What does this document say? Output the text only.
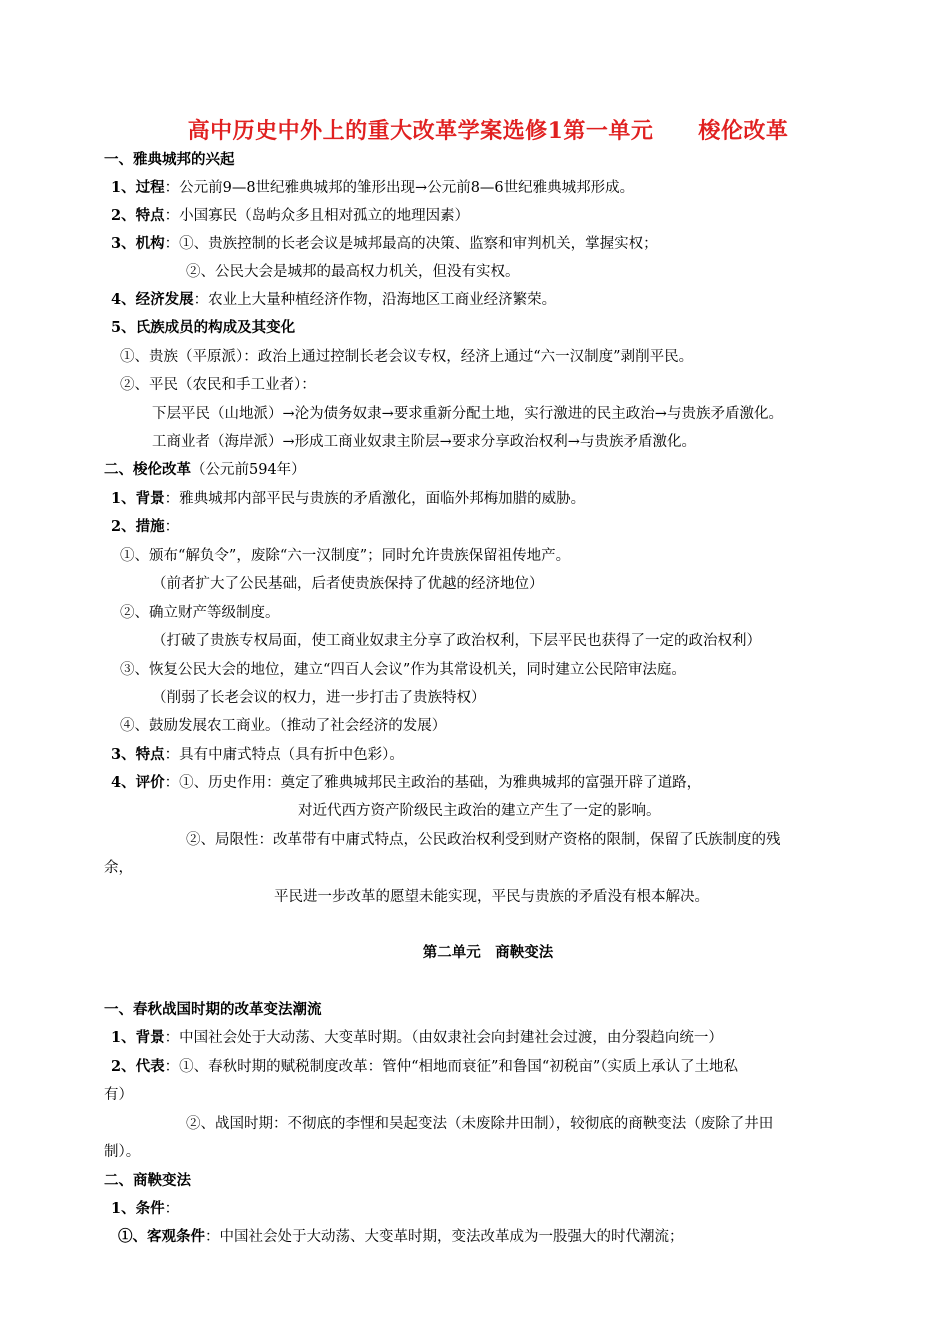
高中历史中外上的重大改革学案选修1第一单元　　梭伦改革
一、雅典城邦的兴起
1、过程：公元前9—8世纪雅典城邦的雏形出现→公元前8—6世纪雅典城邦形成。
2、特点：小国寡民（岛屿众多且相对孤立的地理因素）
3、机构：①、贵族控制的长老会议是城邦最高的决策、监察和审判机关，掌握实权；
②、公民大会是城邦的最高权力机关，但没有实权。
4、经济发展：农业上大量种植经济作物，沿海地区工商业经济繁荣。
5、氏族成员的构成及其变化
①、贵族（平原派）：政治上通过控制长老会议专权，经济上通过“六一汉制度”剥削平民。
②、平民（农民和手工业者）：
下层平民（山地派）→沦为债务奴隶→要求重新分配土地，实行激进的民主政治→与贵族矛盾激化。
工商业者（海岸派）→形成工商业奴隶主阶层→要求分享政治权利→与贵族矛盾激化。
二、梭伦改革（公元前594年）
1、背景：雅典城邦内部平民与贵族的矛盾激化，面临外邦梅加腊的威胁。
2、措施：
①、颁布“解负令”，废除“六一汉制度”；同时允许贵族保留祖传地产。
（前者扩大了公民基础，后者使贵族保持了优越的经济地位）
②、确立财产等级制度。
（打破了贵族专权局面，使工商业奴隶主分享了政治权利，下层平民也获得了一定的政治权利）
③、恢复公民大会的地位，建立“四百人会议”作为其常设机关，同时建立公民陪审法庭。
（削弱了长老会议的权力，进一步打击了贵族特权）
④、鼓励发展农工商业。（推动了社会经济的发展）
3、特点：具有中庸式特点（具有折中色彩）。
4、评价：①、历史作用：奠定了雅典城邦民主政治的基础，为雅典城邦的富强开辟了道路，
对近代西方资产阶级民主政治的建立产生了一定的影响。
②、局限性：改革带有中庸式特点，公民政治权利受到财产资格的限制，保留了氏族制度的残
余，
平民进一步改革的愿望未能实现，平民与贵族的矛盾没有根本解决。
第二单元　商鞅变法
一、春秋战国时期的改革变法潮流
1、背景：中国社会处于大动荡、大变革时期。（由奴隶社会向封建社会过渡，由分裂趋向统一）
2、代表：①、春秋时期的赋税制度改革：管仲“相地而衰征”和鲁国“初税亩”（实质上承认了土地私
有）
②、战国时期：不彻底的李悝和吴起变法（未废除井田制），较彻底的商鞅变法（废除了井田
制）。
二、商鞅变法
1、条件：
①、客观条件：中国社会处于大动荡、大变革时期，变法改革成为一股强大的时代潮流；
